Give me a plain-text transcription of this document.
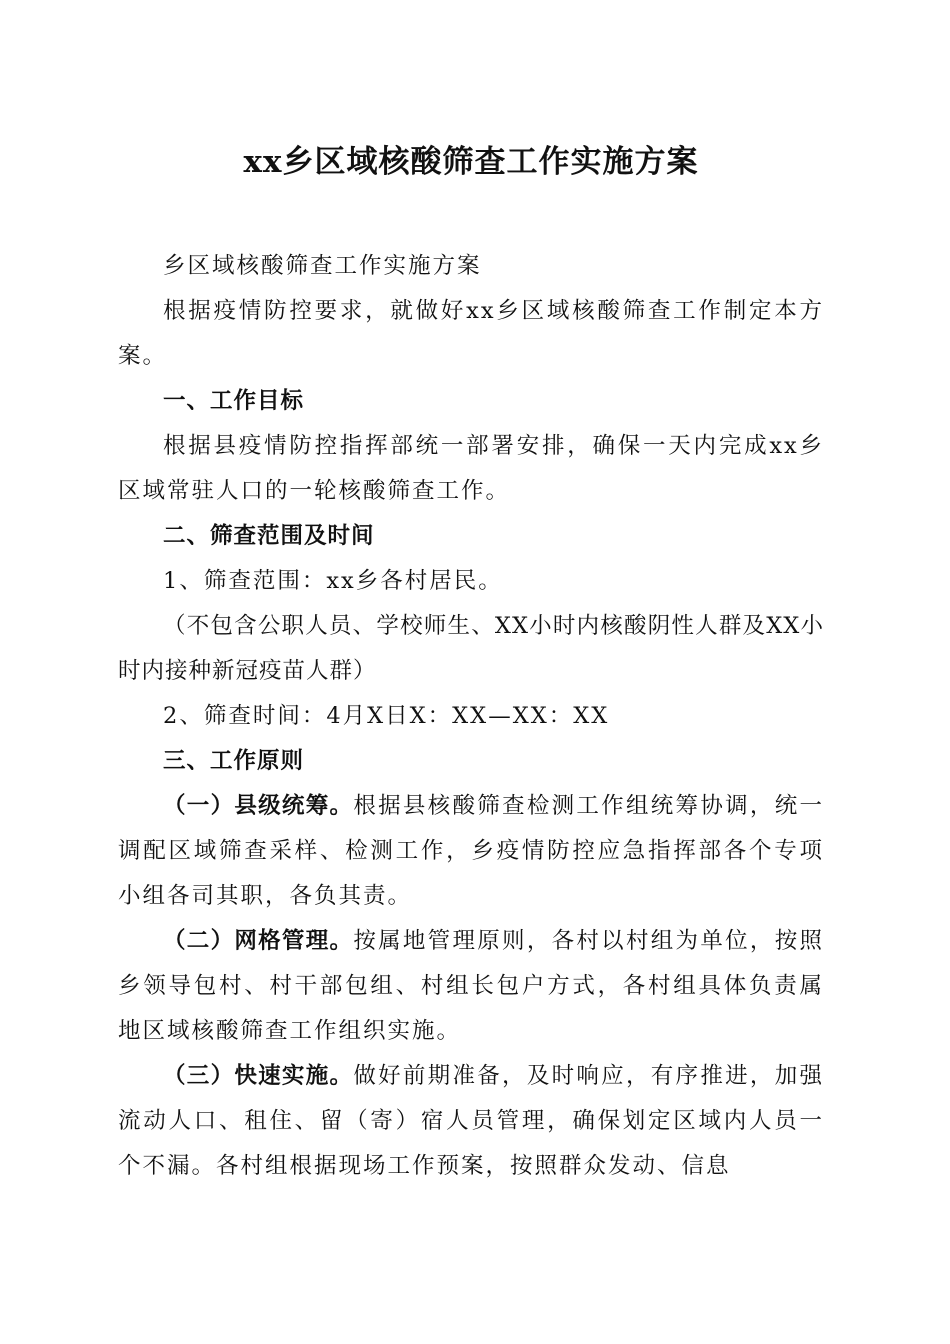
xx乡区域核酸筛查工作实施方案

乡区域核酸筛查工作实施方案

根据疫情防控要求，就做好xx乡区域核酸筛查工作制定本方案。

一、工作目标

根据县疫情防控指挥部统一部署安排，确保一天内完成xx乡区域常驻人口的一轮核酸筛查工作。

二、筛查范围及时间

1、筛查范围：xx乡各村居民。

（不包含公职人员、学校师生、XX小时内核酸阴性人群及XX小时内接种新冠疫苗人群）

2、筛查时间：4月X日X：XX—XX：XX

三、工作原则

（一）县级统筹。根据县核酸筛查检测工作组统筹协调，统一调配区域筛查采样、检测工作，乡疫情防控应急指挥部各个专项小组各司其职，各负其责。

（二）网格管理。按属地管理原则，各村以村组为单位，按照乡领导包村、村干部包组、村组长包户方式，各村组具体负责属地区域核酸筛查工作组织实施。

（三）快速实施。做好前期准备，及时响应，有序推进，加强流动人口、租住、留（寄）宿人员管理，确保划定区域内人员一个不漏。各村组根据现场工作预案，按照群众发动、信息
